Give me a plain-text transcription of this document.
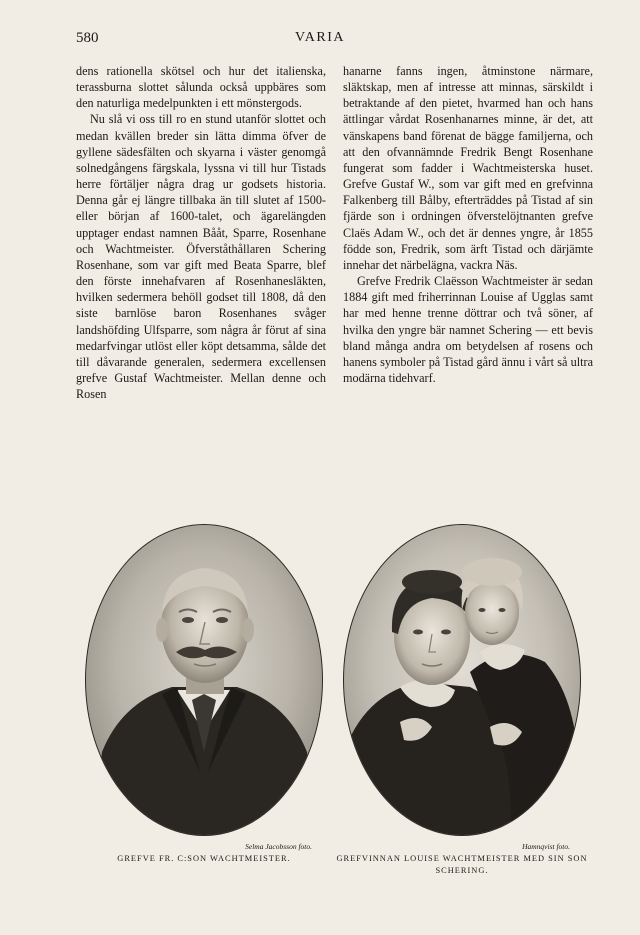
580	VARIA

dens rationella skötsel och hur det italienska, terassburna slottet sålunda också uppbäres som den naturliga medelpunkten i ett mönstergods.

Nu slå vi oss till ro en stund utanför slottet och medan kvällen breder sin lätta dimma öfver de gyllene sädesfälten och skyarna i väster genomgå solnedgångens färgskala, lyssna vi till hur Tistads herre förtäljer några drag ur godsets historia. Denna går ej längre tillbaka än till slutet af 1500- eller början af 1600-talet, och ägarelängden upptager endast namnen Bååt, Sparre, Rosenhane och Wachtmeister. Öfverståthållaren Schering Rosenhane, som var gift med Beata Sparre, blef den förste innehafvaren af Rosenhanesläkten, hvilken sedermera behöll godset till 1808, då den siste barnlöse baron Rosenhanes svåger landshöfding Ulfsparre, som några år förut af sina medarfvingar utlöst eller köpt detsamma, sålde det till dåvarande generalen, sedermera excellensen grefve Gustaf Wachtmeister. Mellan denne och Rosen

hanarne fanns ingen, åtminstone närmare, släktskap, men af intresse att minnas, särskildt i betraktande af den pietet, hvarmed han och hans ättlingar vårdat Rosenhanarnes minne, är det, att vänskapens band förenat de bägge familjerna, och att den ofvannämnde Fredrik Bengt Rosenhane fungerat som fadder i Wachtmeisterska huset. Grefve Gustaf W., som var gift med en grefvinna Falkenberg till Bålby, efterträddes på Tistad af sin fjärde son i ordningen öfverstelöjtnanten grefve Claës Adam W., och det är dennes yngre, år 1855 födde son, Fredrik, som ärft Tistad och därjämte innehar det närbelägna, vackra Näs.

Grefve Fredrik Claësson Wachtmeister är sedan 1884 gift med friherrinnan Louise af Ugglas samt har med henne trenne döttrar och två söner, af hvilka den yngre bär namnet Schering — ett bevis bland många andra om betydelsen af rosens och hanens symboler på Tistad gård ännu i vårt så ultra modärna tidehvarf.

Selma Jacobsson foto.
GREFVE FR. C:SON WACHTMEISTER.
Hamnqvist foto.
GREFVINNAN LOUISE WACHTMEISTER MED SIN SON SCHERING.
